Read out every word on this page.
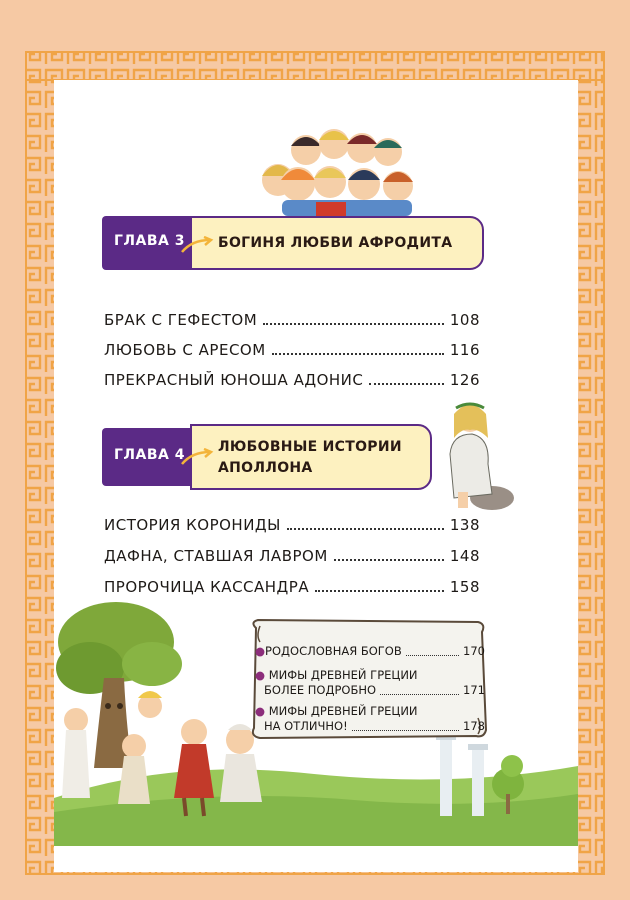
ГЛАВА 3 БОГИНЯ ЛЮБВИ АФРОДИТА
БРАК С ГЕФЕСТОМ	108
ЛЮБОВЬ С АРЕСОМ	116
ПРЕКРАСНЫЙ ЮНОША АДОНИС	126
ГЛАВА 4 ЛЮБОВНЫЕ ИСТОРИИ
АПОЛЛОНА
ИСТОРИЯ КОРОНИДЫ	138
ДАФНА, СТАВШАЯ ЛАВРОМ	148
ПРОРОЧИЦА КАССАНДРА	158
● РОДОСЛОВНАЯ БОГОВ	170
● МИФЫ ДРЕВНЕЙ ГРЕЦИИ
БОЛЕЕ ПОДРОБНО	171
● МИФЫ ДРЕВНЕЙ ГРЕЦИИ
НА ОТЛИЧНО!	178
